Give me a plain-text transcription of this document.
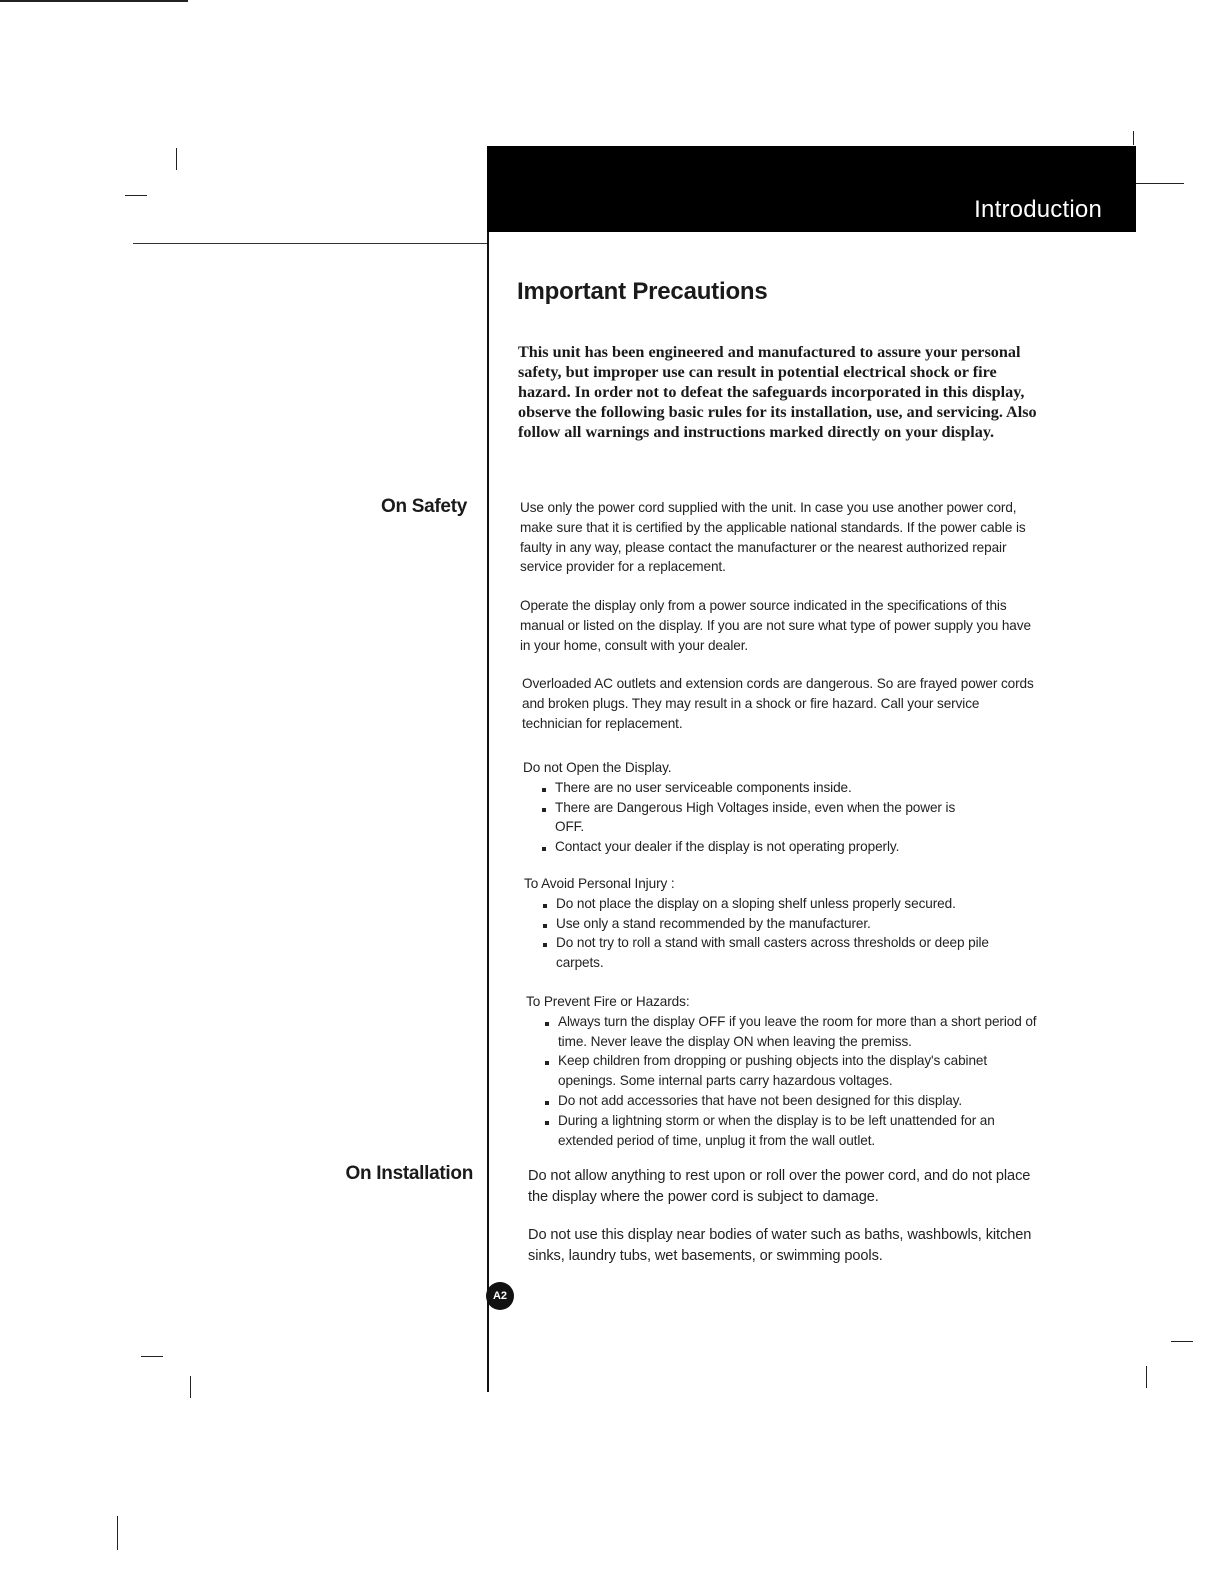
Introduction
Important Precautions

This unit has been engineered and manufactured to assure your personal safety, but improper use can result in potential electrical shock or fire hazard. In order not to defeat the safeguards incorporated in this display, observe the following basic rules for its installation, use, and servicing. Also follow all warnings and instructions marked directly on your display.

On Safety	Use only the power cord supplied with the unit. In case you use another power cord, make sure that it is certified by the applicable national standards. If the power cable is faulty in any way, please contact the manufacturer or the nearest authorized repair service provider for a replacement.

Operate the display only from a power source indicated in the specifications of this manual or listed on the display. If you are not sure what type of power supply you have in your home, consult with your dealer.

Overloaded AC outlets and extension cords are dangerous. So are frayed power cords and broken plugs. They may result in a shock or fire hazard. Call your service technician for replacement.

Do not Open the Display.
There are no user serviceable components inside.
There are Dangerous High Voltages inside, even when the power is OFF.
Contact your dealer if the display is not operating properly.
To Avoid Personal Injury :
Do not place the display on a sloping shelf unless properly secured.
Use only a stand recommended by the manufacturer.
Do not try to roll a stand with small casters across thresholds or deep pile carpets.
To Prevent Fire or Hazards:
Always turn the display OFF if you leave the room for more than a short period of time. Never leave the display ON when leaving the premiss.
Keep children from dropping or pushing objects into the display's cabinet openings. Some internal parts carry hazardous voltages.
Do not add accessories that have not been designed for this display.
During a lightning storm or when the display is to be left unattended for an extended period of time, unplug it from the wall outlet.
On Installation	Do not allow anything to rest upon or roll over the power cord, and do not place the display where the power cord is subject to damage.

Do not use this display near bodies of water such as baths, washbowls, kitchen sinks, laundry tubs, wet basements, or swimming pools.

A2
